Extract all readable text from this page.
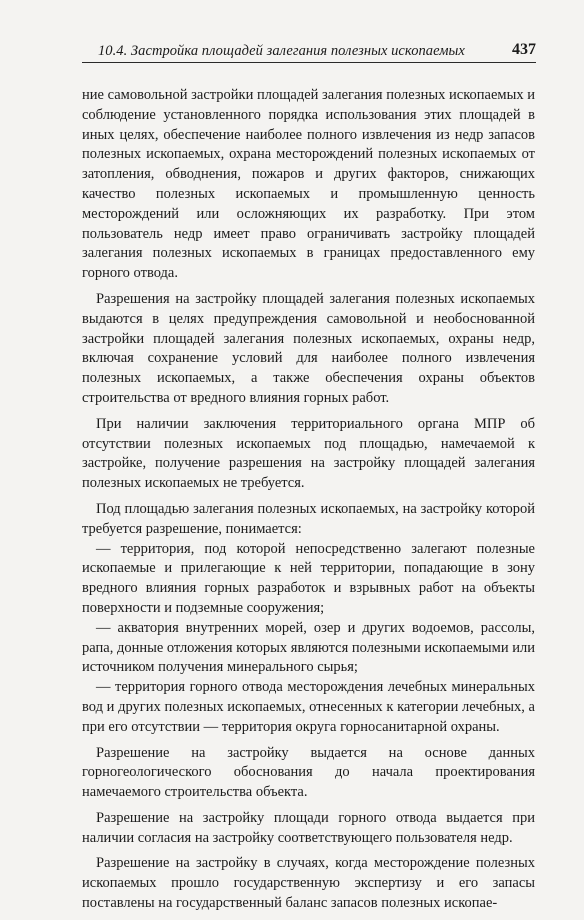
10.4. Застройка площадей залегания полезных ископаемых	437

ние самовольной застройки площадей залегания полезных ископаемых и соблюдение установленного порядка использования этих площадей в иных целях, обеспечение наиболее полного извлечения из недр запасов полезных ископаемых, охрана месторождений полезных ископаемых от затопления, обводнения, пожаров и других факторов, снижающих качество полезных ископаемых и промышленную ценность месторождений или осложняющих их разработку. При этом пользователь недр имеет право ограничивать застройку площадей залегания полезных ископаемых в границах предоставленного ему горного отвода.

Разрешения на застройку площадей залегания полезных ископаемых выдаются в целях предупреждения самовольной и необоснованной застройки площадей залегания полезных ископаемых, охраны недр, включая сохранение условий для наиболее полного извлечения полезных ископаемых, а также обеспечения охраны объектов строительства от вредного влияния горных работ.

При наличии заключения территориального органа МПР об отсутствии полезных ископаемых под площадью, намечаемой к застройке, получение разрешения на застройку площадей залегания полезных ископаемых не требуется.

Под площадью залегания полезных ископаемых, на застройку которой требуется разрешение, понимается:

— территория, под которой непосредственно залегают полезные ископаемые и прилегающие к ней территории, попадающие в зону вредного влияния горных разработок и взрывных работ на объекты поверхности и подземные сооружения;

— акватория внутренних морей, озер и других водоемов, рассолы, рапа, донные отложения которых являются полезными ископаемыми или источником получения минерального сырья;

— территория горного отвода месторождения лечебных минеральных вод и других полезных ископаемых, отнесенных к категории лечебных, а при его отсутствии — территория округа горносанитарной охраны.

Разрешение на застройку выдается на основе данных горногеологического обоснования до начала проектирования намечаемого строительства объекта.

Разрешение на застройку площади горного отвода выдается при наличии согласия на застройку соответствующего пользователя недр.

Разрешение на застройку в случаях, когда месторождение полезных ископаемых прошло государственную экспертизу и его запасы поставлены на государственный баланс запасов полезных ископае-
